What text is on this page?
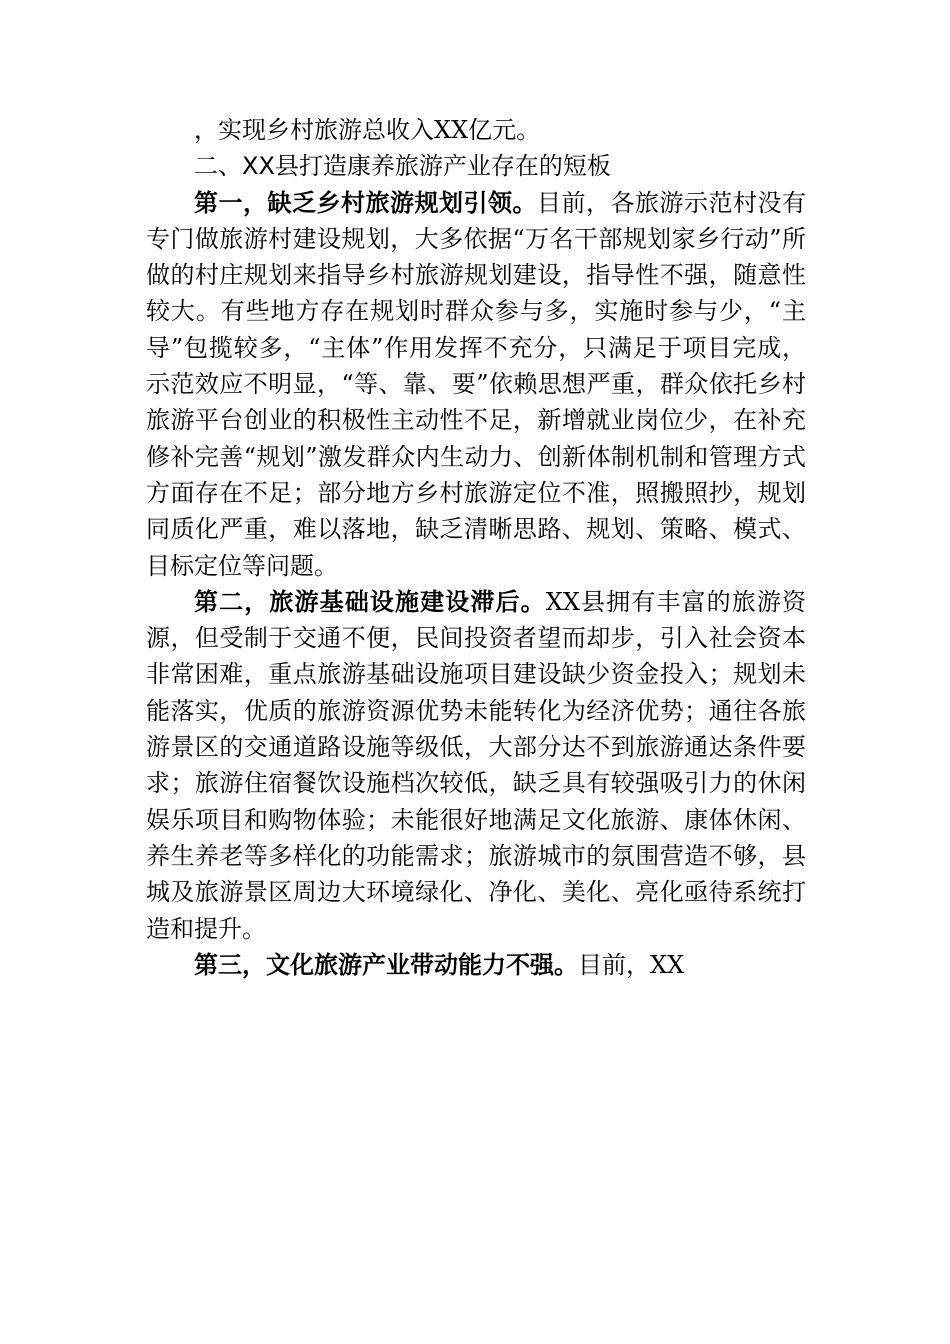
，实现乡村旅游总收入XX亿元。

二、XX县打造康养旅游产业存在的短板

第一，缺乏乡村旅游规划引领。目前，各旅游示范村没有专门做旅游村建设规划，大多依据“万名干部规划家乡行动”所做的村庄规划来指导乡村旅游规划建设，指导性不强，随意性较大。有些地方存在规划时群众参与多，实施时参与少，“主导”包揽较多，“主体”作用发挥不充分，只满足于项目完成，示范效应不明显，“等、靠、要”依赖思想严重，群众依托乡村旅游平台创业的积极性主动性不足，新增就业岗位少，在补充修补完善“规划”激发群众内生动力、创新体制机制和管理方式方面存在不足；部分地方乡村旅游定位不准，照搬照抄，规划同质化严重，难以落地，缺乏清晰思路、规划、策略、模式、目标定位等问题。

第二，旅游基础设施建设滞后。XX县拥有丰富的旅游资源，但受制于交通不便，民间投资者望而却步，引入社会资本非常困难，重点旅游基础设施项目建设缺少资金投入；规划未能落实，优质的旅游资源优势未能转化为经济优势；通往各旅游景区的交通道路设施等级低，大部分达不到旅游通达条件要求；旅游住宿餐饮设施档次较低，缺乏具有较强吸引力的休闲娱乐项目和购物体验；未能很好地满足文化旅游、康体休闲、养生养老等多样化的功能需求；旅游城市的氛围营造不够，县城及旅游景区周边大环境绿化、净化、美化、亮化亟待系统打造和提升。

第三，文化旅游产业带动能力不强。目前，XX
